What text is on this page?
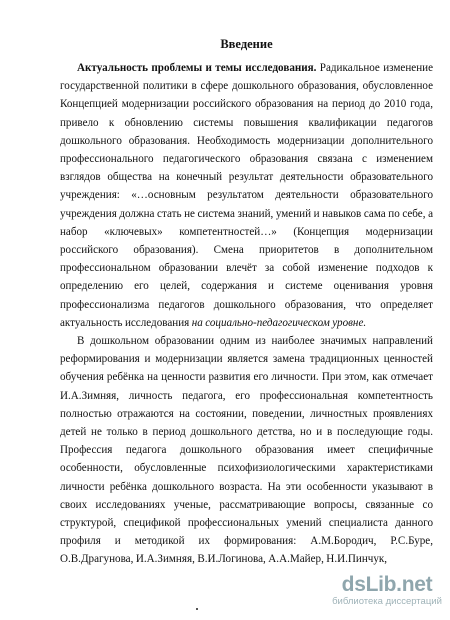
Введение

Актуальность проблемы и темы исследования. Радикальное изменение государственной политики в сфере дошкольного образования, обусловленное Концепцией модернизации российского образования на период до 2010 года, привело к обновлению системы повышения квалификации педагогов дошкольного образования. Необходимость модернизации дополнительного профессионального педагогического образования связана с изменением взглядов общества на конечный результат деятельности образовательного учреждения: «…основным результатом деятельности образовательного учреждения должна стать не система знаний, умений и навыков сама по себе, а набор «ключевых» компетентностей…» (Концепция модернизации российского образования). Смена приоритетов в дополнительном профессиональном образовании влечёт за собой изменение подходов к определению его целей, содержания и системе оценивания уровня профессионализма педагогов дошкольного образования, что определяет актуальность исследования на социально-педагогическом уровне.

В дошкольном образовании одним из наиболее значимых направлений реформирования и модернизации является замена традиционных ценностей обучения ребёнка на ценности развития его личности. При этом, как отмечает И.А.Зимняя, личность педагога, его профессиональная компетентность полностью отражаются на состоянии, поведении, личностных проявлениях детей не только в период дошкольного детства, но и в последующие годы. Профессия педагога дошкольного образования имеет специфичные особенности, обусловленные психофизиологическими характеристиками личности ребёнка дошкольного возраста. На эти особенности указывают в своих исследованиях ученые, рассматривающие вопросы, связанные со структурой, спецификой профессиональных умений специалиста данного профиля и методикой их формирования: А.М.Бородич, Р.С.Буре, О.В.Драгунова, И.А.Зимняя, В.И.Логинова, А.А.Майер, Н.И.Пинчук,

dsLib.net
библиотека диссертаций
